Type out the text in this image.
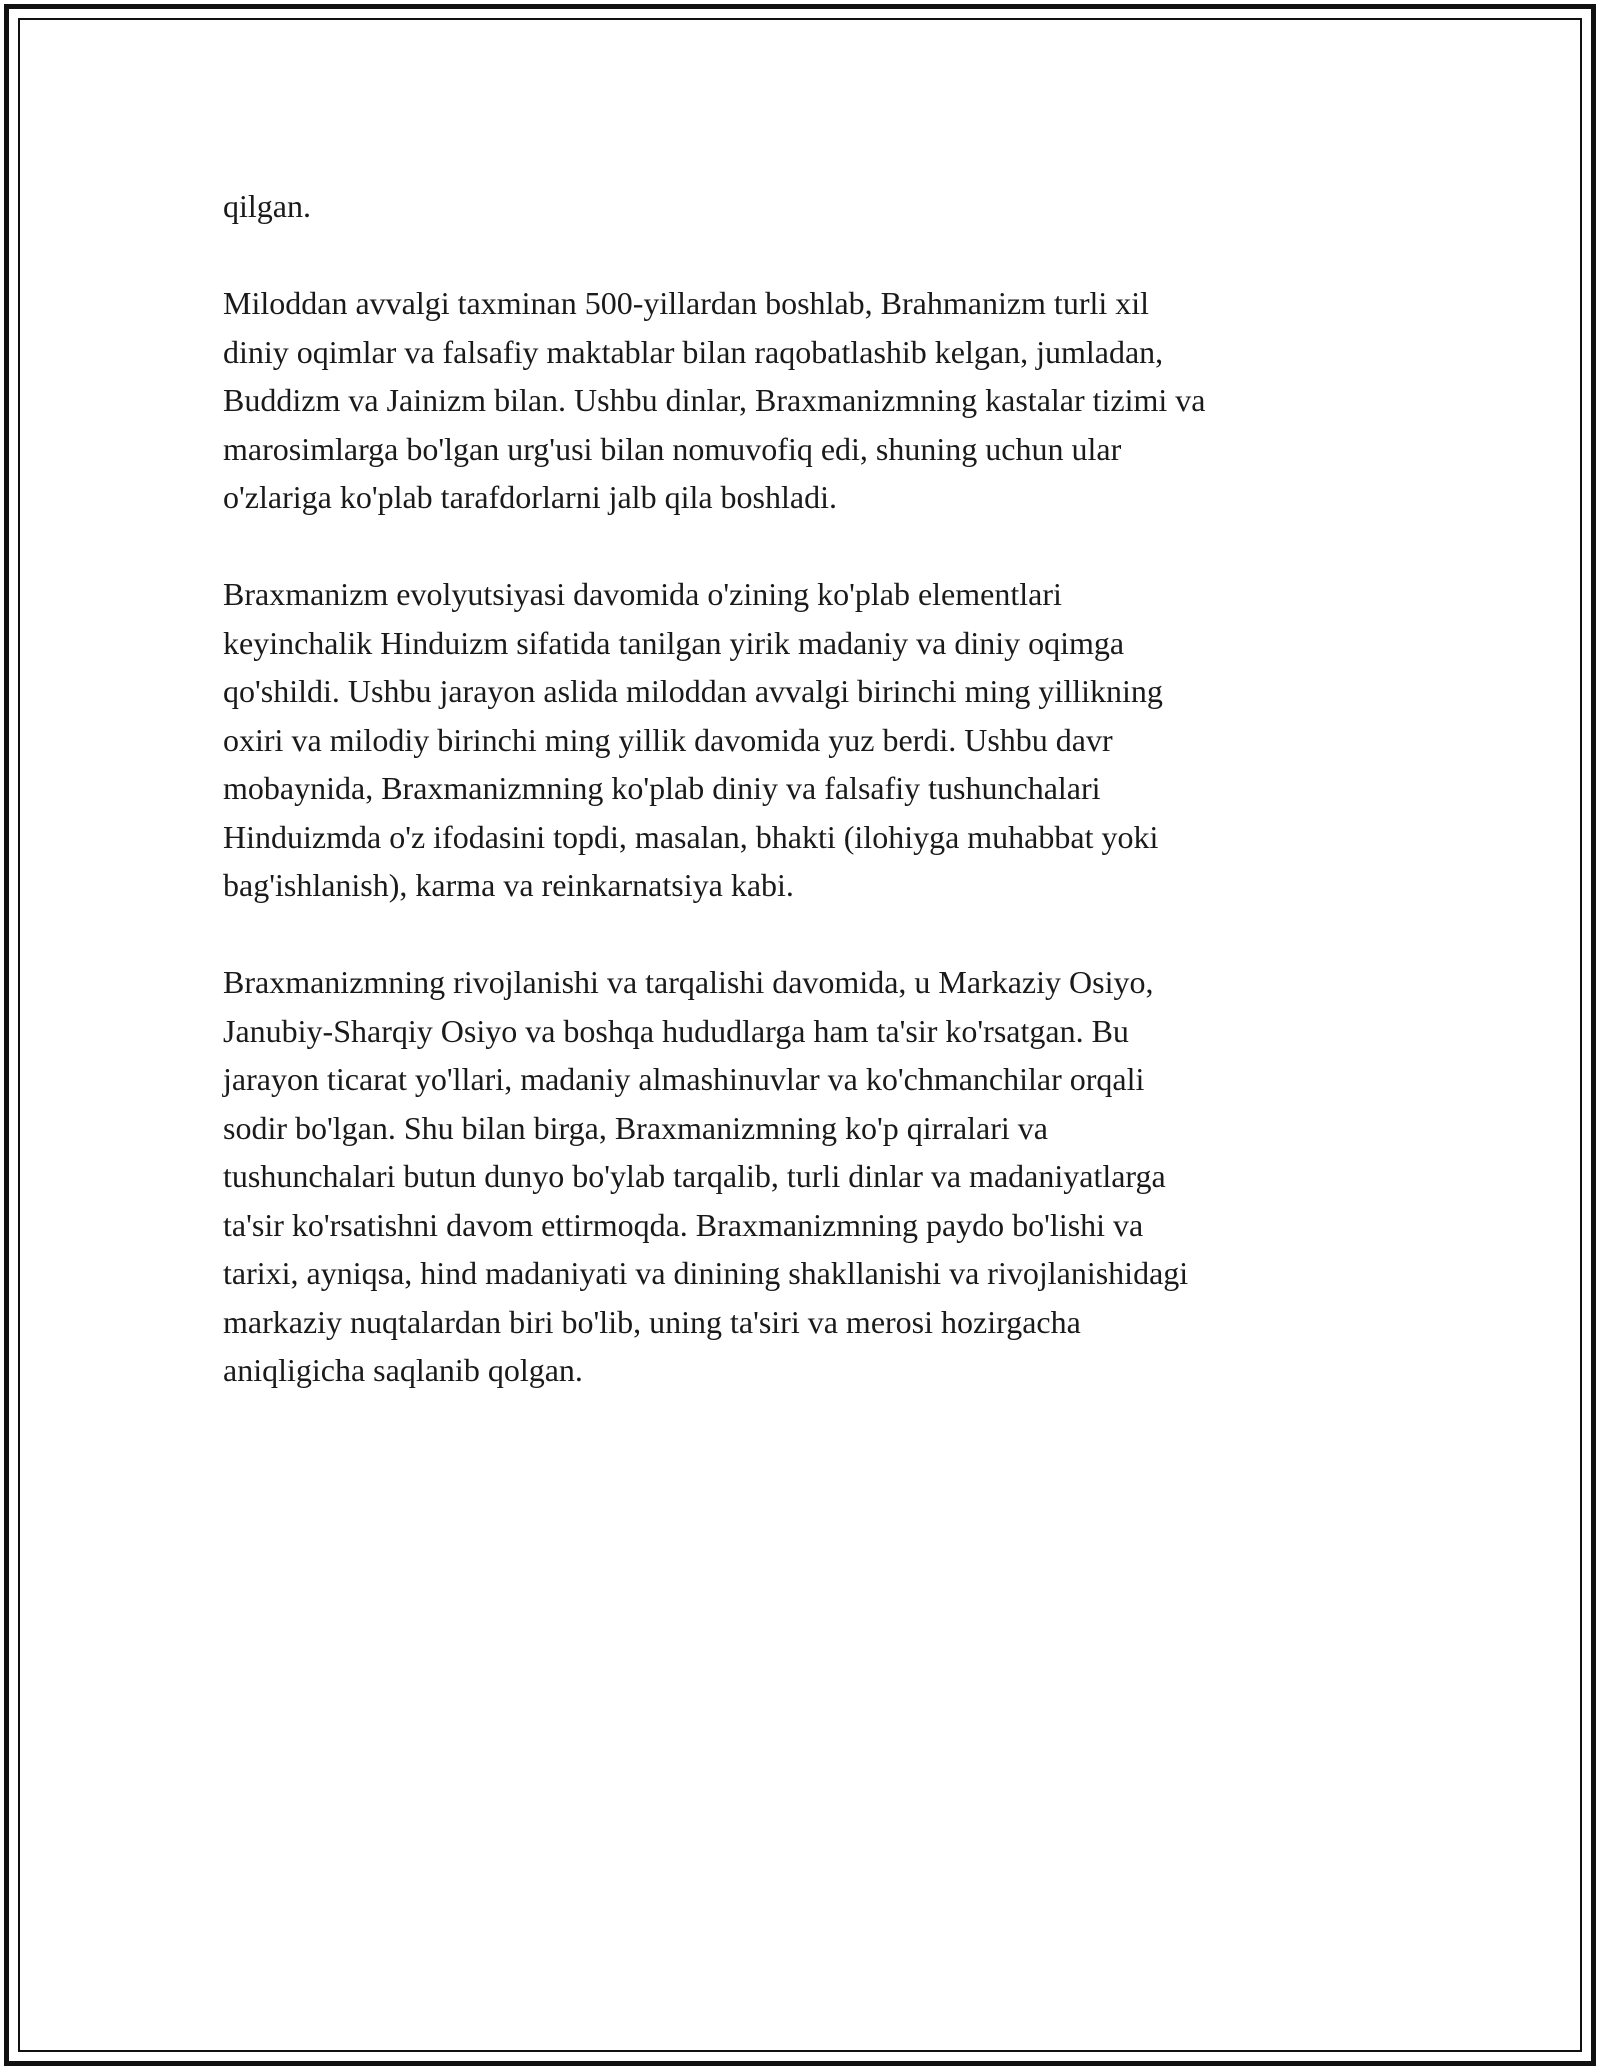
qilgan.

Miloddan avvalgi taxminan 500-yillardan boshlab, Brahmanizm turli xil
diniy oqimlar va falsafiy maktablar bilan raqobatlashib kelgan, jumladan,
Buddizm va Jainizm bilan. Ushbu dinlar, Braxmanizmning kastalar tizimi va
marosimlarga bo'lgan urg'usi bilan nomuvofiq edi, shuning uchun ular
o'zlariga ko'plab tarafdorlarni jalb qila boshladi.

Braxmanizm evolyutsiyasi davomida o'zining ko'plab elementlari
keyinchalik Hinduizm sifatida tanilgan yirik madaniy va diniy oqimga
qo'shildi. Ushbu jarayon aslida miloddan avvalgi birinchi ming yillikning
oxiri va milodiy birinchi ming yillik davomida yuz berdi. Ushbu davr
mobaynida, Braxmanizmning ko'plab diniy va falsafiy tushunchalari
Hinduizmda o'z ifodasini topdi, masalan, bhakti (ilohiyga muhabbat yoki
bag'ishlanish), karma va reinkarnatsiya kabi.

Braxmanizmning rivojlanishi va tarqalishi davomida, u Markaziy Osiyo,
Janubiy-Sharqiy Osiyo va boshqa hududlarga ham ta'sir ko'rsatgan. Bu
jarayon ticarat yo'llari, madaniy almashinuvlar va ko'chmanchilar orqali
sodir bo'lgan. Shu bilan birga, Braxmanizmning ko'p qirralari va
tushunchalari butun dunyo bo'ylab tarqalib, turli dinlar va madaniyatlarga
ta'sir ko'rsatishni davom ettirmoqda. Braxmanizmning paydo bo'lishi va
tarixi, ayniqsa, hind madaniyati va dinining shakllanishi va rivojlanishidagi
markaziy nuqtalardan biri bo'lib, uning ta'siri va merosi hozirgacha
aniqligicha saqlanib qolgan.
